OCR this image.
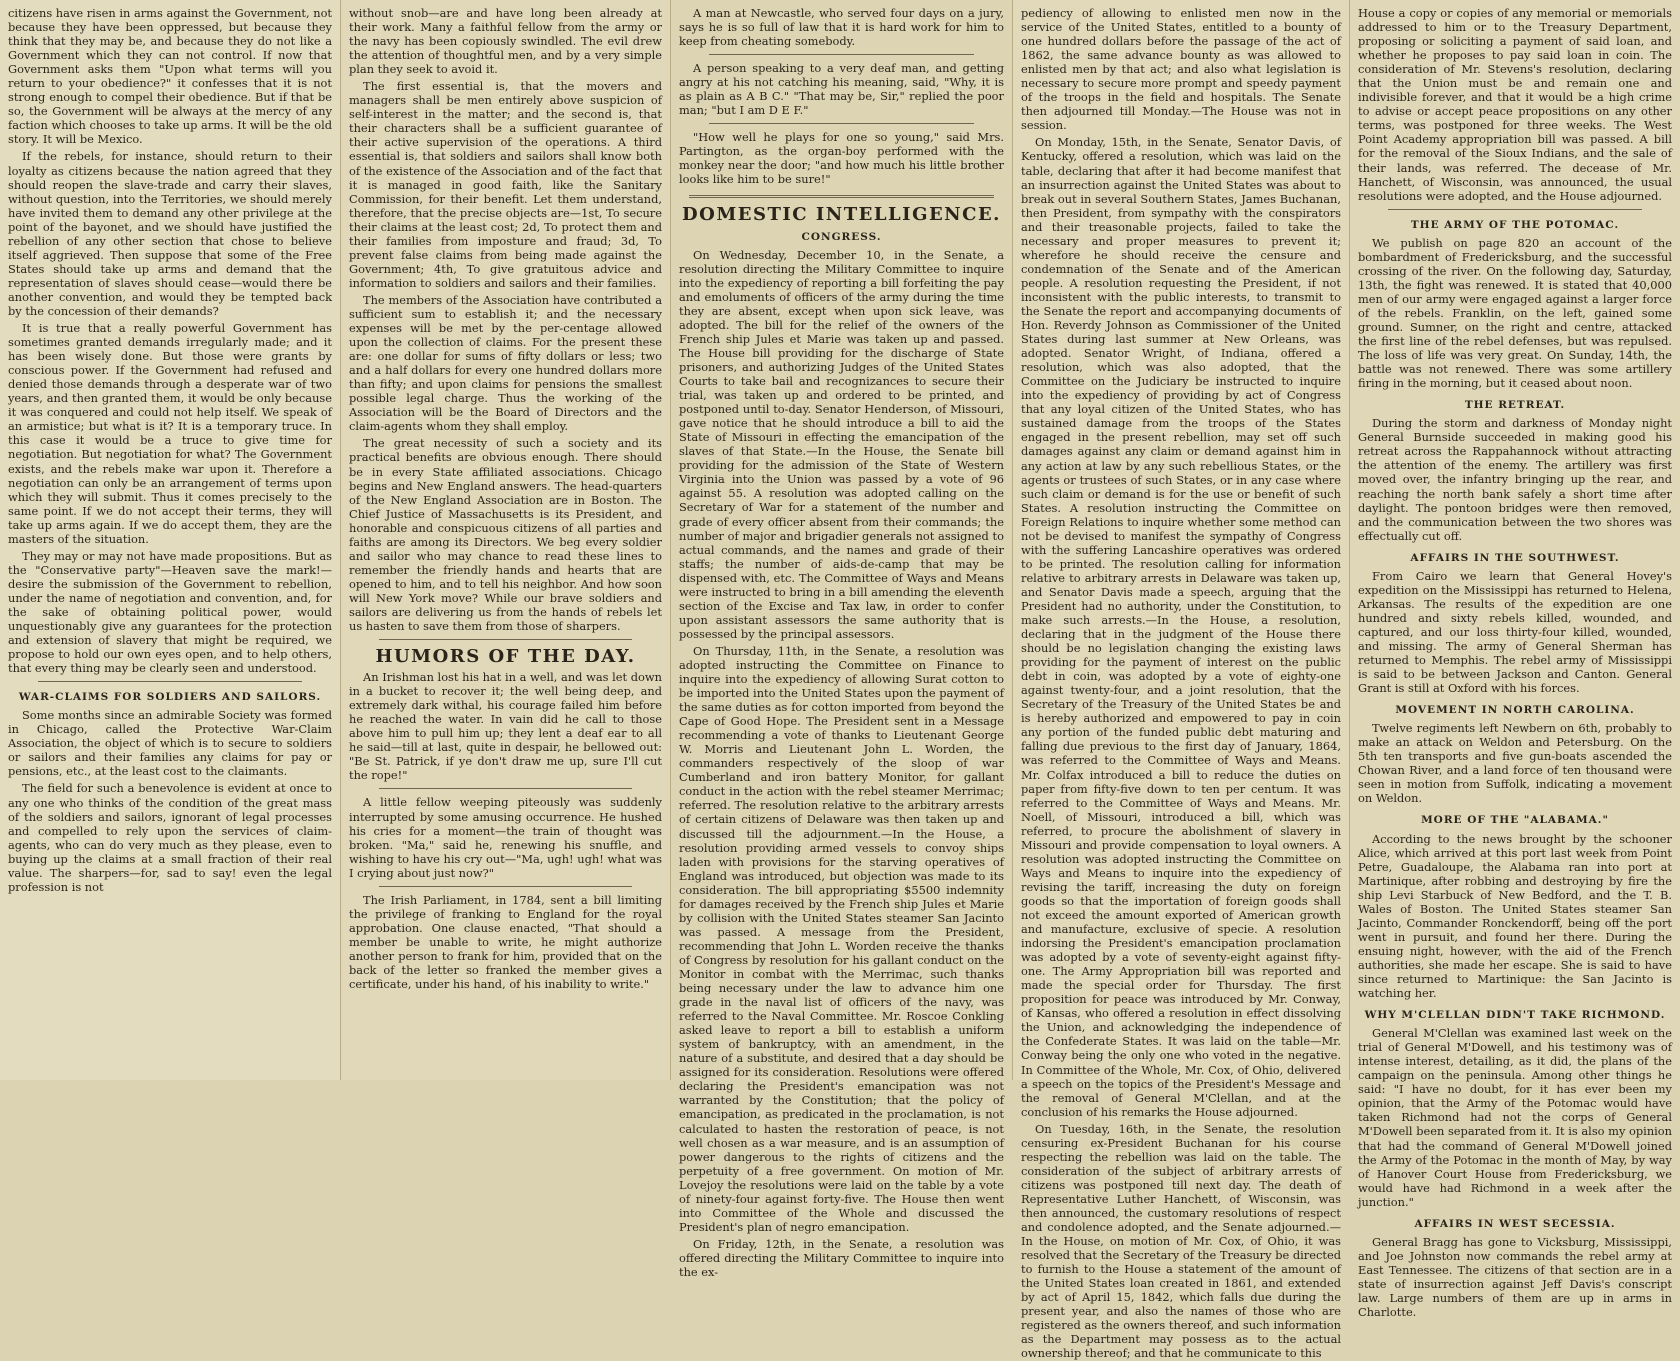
citizens have risen in arms against the Government, not because they have been oppressed, but because they think that they may be, and because they do not like a Government which they can not control. If now that Government asks them "Upon what terms will you return to your obedience?" it confesses that it is not strong enough to compel their obedience. But if that be so, the Government will be always at the mercy of any faction which chooses to take up arms. It will be the old story. It will be Mexico.

If the rebels, for instance, should return to their loyalty as citizens because the nation agreed that they should reopen the slave-trade and carry their slaves, without question, into the Territories, we should merely have invited them to demand any other privilege at the point of the bayonet, and we should have justified the rebellion of any other section that chose to believe itself aggrieved. Then suppose that some of the Free States should take up arms and demand that the representation of slaves should cease—would there be another convention, and would they be tempted back by the concession of their demands?

It is true that a really powerful Government has sometimes granted demands irregularly made; and it has been wisely done. But those were grants by conscious power. If the Government had refused and denied those demands through a desperate war of two years, and then granted them, it would be only because it was conquered and could not help itself. We speak of an armistice; but what is it? It is a temporary truce. In this case it would be a truce to give time for negotiation. But negotiation for what? The Government exists, and the rebels make war upon it. Therefore a negotiation can only be an arrangement of terms upon which they will submit. Thus it comes precisely to the same point. If we do not accept their terms, they will take up arms again. If we do accept them, they are the masters of the situation.

They may or may not have made propositions. But as the "Conservative party"—Heaven save the mark!—desire the submission of the Government to rebellion, under the name of negotiation and convention, and, for the sake of obtaining political power, would unquestionably give any guarantees for the protection and extension of slavery that might be required, we propose to hold our own eyes open, and to help others, that every thing may be clearly seen and understood.

WAR-CLAIMS FOR SOLDIERS AND SAILORS.

Some months since an admirable Society was formed in Chicago, called the Protective War-Claim Association, the object of which is to secure to soldiers or sailors and their families any claims for pay or pensions, etc., at the least cost to the claimants.

The field for such a benevolence is evident at once to any one who thinks of the condition of the great mass of the soldiers and sailors, ignorant of legal processes and compelled to rely upon the services of claim-agents, who can do very much as they please, even to buying up the claims at a small fraction of their real value. The sharpers—for, sad to say! even the legal profession is not

without snob—are and have long been already at their work. Many a faithful fellow from the army or the navy has been copiously swindled. The evil drew the attention of thoughtful men, and by a very simple plan they seek to avoid it.

The first essential is, that the movers and managers shall be men entirely above suspicion of self-interest in the matter; and the second is, that their characters shall be a sufficient guarantee of their active supervision of the operations. A third essential is, that soldiers and sailors shall know both of the existence of the Association and of the fact that it is managed in good faith, like the Sanitary Commission, for their benefit. Let them understand, therefore, that the precise objects are—1st, To secure their claims at the least cost; 2d, To protect them and their families from imposture and fraud; 3d, To prevent false claims from being made against the Government; 4th, To give gratuitous advice and information to soldiers and sailors and their families.

The members of the Association have contributed a sufficient sum to establish it; and the necessary expenses will be met by the per-centage allowed upon the collection of claims. For the present these are: one dollar for sums of fifty dollars or less; two and a half dollars for every one hundred dollars more than fifty; and upon claims for pensions the smallest possible legal charge. Thus the working of the Association will be the Board of Directors and the claim-agents whom they shall employ.

The great necessity of such a society and its practical benefits are obvious enough. There should be in every State affiliated associations. Chicago begins and New England answers. The head-quarters of the New England Association are in Boston. The Chief Justice of Massachusetts is its President, and honorable and conspicuous citizens of all parties and faiths are among its Directors. We beg every soldier and sailor who may chance to read these lines to remember the friendly hands and hearts that are opened to him, and to tell his neighbor. And how soon will New York move? While our brave soldiers and sailors are delivering us from the hands of rebels let us hasten to save them from those of sharpers.

HUMORS OF THE DAY.

An Irishman lost his hat in a well, and was let down in a bucket to recover it; the well being deep, and extremely dark withal, his courage failed him before he reached the water. In vain did he call to those above him to pull him up; they lent a deaf ear to all he said—till at last, quite in despair, he bellowed out: "Be St. Patrick, if ye don't draw me up, sure I'll cut the rope!"

A little fellow weeping piteously was suddenly interrupted by some amusing occurrence. He hushed his cries for a moment—the train of thought was broken. "Ma," said he, renewing his snuffle, and wishing to have his cry out—"Ma, ugh! ugh! what was I crying about just now?"

The Irish Parliament, in 1784, sent a bill limiting the privilege of franking to England for the royal approbation. One clause enacted, "That should a member be unable to write, he might authorize another person to frank for him, provided that on the back of the letter so franked the member gives a certificate, under his hand, of his inability to write."

A man at Newcastle, who served four days on a jury, says he is so full of law that it is hard work for him to keep from cheating somebody.

A person speaking to a very deaf man, and getting angry at his not catching his meaning, said, "Why, it is as plain as A B C." "That may be, Sir," replied the poor man; "but I am D E F."

"How well he plays for one so young," said Mrs. Partington, as the organ-boy performed with the monkey near the door; "and how much his little brother looks like him to be sure!"

DOMESTIC INTELLIGENCE.
CONGRESS.

On Wednesday, December 10, in the Senate, a resolution directing the Military Committee to inquire into the expediency of reporting a bill forfeiting the pay and emoluments of officers of the army during the time they are absent, except when upon sick leave, was adopted. The bill for the relief of the owners of the French ship Jules et Marie was taken up and passed. The House bill providing for the discharge of State prisoners, and authorizing Judges of the United States Courts to take bail and recognizances to secure their trial, was taken up and ordered to be printed, and postponed until to-day. Senator Henderson, of Missouri, gave notice that he should introduce a bill to aid the State of Missouri in effecting the emancipation of the slaves of that State.—In the House, the Senate bill providing for the admission of the State of Western Virginia into the Union was passed by a vote of 96 against 55. A resolution was adopted calling on the Secretary of War for a statement of the number and grade of every officer absent from their commands; the number of major and brigadier generals not assigned to actual commands, and the names and grade of their staffs; the number of aids-de-camp that may be dispensed with, etc. The Committee of Ways and Means were instructed to bring in a bill amending the eleventh section of the Excise and Tax law, in order to confer upon assistant assessors the same authority that is possessed by the principal assessors.

On Thursday, 11th, in the Senate, a resolution was adopted instructing the Committee on Finance to inquire into the expediency of allowing Surat cotton to be imported into the United States upon the payment of the same duties as for cotton imported from beyond the Cape of Good Hope. The President sent in a Message recommending a vote of thanks to Lieutenant George W. Morris and Lieutenant John L. Worden, the commanders respectively of the sloop of war Cumberland and iron battery Monitor, for gallant conduct in the action with the rebel steamer Merrimac; referred. The resolution relative to the arbitrary arrests of certain citizens of Delaware was then taken up and discussed till the adjournment.—In the House, a resolution providing armed vessels to convoy ships laden with provisions for the starving operatives of England was introduced, but objection was made to its consideration. The bill appropriating $5500 indemnity for damages received by the French ship Jules et Marie by collision with the United States steamer San Jacinto was passed. A message from the President, recommending that John L. Worden receive the thanks of Congress by resolution for his gallant conduct on the Monitor in combat with the Merrimac, such thanks being necessary under the law to advance him one grade in the naval list of officers of the navy, was referred to the Naval Committee. Mr. Roscoe Conkling asked leave to report a bill to establish a uniform system of bankruptcy, with an amendment, in the nature of a substitute, and desired that a day should be assigned for its consideration. Resolutions were offered declaring the President's emancipation was not warranted by the Constitution; that the policy of emancipation, as predicated in the proclamation, is not calculated to hasten the restoration of peace, is not well chosen as a war measure, and is an assumption of power dangerous to the rights of citizens and the perpetuity of a free government. On motion of Mr. Lovejoy the resolutions were laid on the table by a vote of ninety-four against forty-five. The House then went into Committee of the Whole and discussed the President's plan of negro emancipation.

On Friday, 12th, in the Senate, a resolution was offered directing the Military Committee to inquire into the ex-

pediency of allowing to enlisted men now in the service of the United States, entitled to a bounty of one hundred dollars before the passage of the act of 1862, the same advance bounty as was allowed to enlisted men by that act; and also what legislation is necessary to secure more prompt and speedy payment of the troops in the field and hospitals. The Senate then adjourned till Monday.—The House was not in session.

On Monday, 15th, in the Senate, Senator Davis, of Kentucky, offered a resolution, which was laid on the table, declaring that after it had become manifest that an insurrection against the United States was about to break out in several Southern States, James Buchanan, then President, from sympathy with the conspirators and their treasonable projects, failed to take the necessary and proper measures to prevent it; wherefore he should receive the censure and condemnation of the Senate and of the American people. A resolution requesting the President, if not inconsistent with the public interests, to transmit to the Senate the report and accompanying documents of Hon. Reverdy Johnson as Commissioner of the United States during last summer at New Orleans, was adopted. Senator Wright, of Indiana, offered a resolution, which was also adopted, that the Committee on the Judiciary be instructed to inquire into the expediency of providing by act of Congress that any loyal citizen of the United States, who has sustained damage from the troops of the States engaged in the present rebellion, may set off such damages against any claim or demand against him in any action at law by any such rebellious States, or the agents or trustees of such States, or in any case where such claim or demand is for the use or benefit of such States. A resolution instructing the Committee on Foreign Relations to inquire whether some method can not be devised to manifest the sympathy of Congress with the suffering Lancashire operatives was ordered to be printed. The resolution calling for information relative to arbitrary arrests in Delaware was taken up, and Senator Davis made a speech, arguing that the President had no authority, under the Constitution, to make such arrests.—In the House, a resolution, declaring that in the judgment of the House there should be no legislation changing the existing laws providing for the payment of interest on the public debt in coin, was adopted by a vote of eighty-one against twenty-four, and a joint resolution, that the Secretary of the Treasury of the United States be and is hereby authorized and empowered to pay in coin any portion of the funded public debt maturing and falling due previous to the first day of January, 1864, was referred to the Committee of Ways and Means. Mr. Colfax introduced a bill to reduce the duties on paper from fifty-five down to ten per centum. It was referred to the Committee of Ways and Means. Mr. Noell, of Missouri, introduced a bill, which was referred, to procure the abolishment of slavery in Missouri and provide compensation to loyal owners. A resolution was adopted instructing the Committee on Ways and Means to inquire into the expediency of revising the tariff, increasing the duty on foreign goods so that the importation of foreign goods shall not exceed the amount exported of American growth and manufacture, exclusive of specie. A resolution indorsing the President's emancipation proclamation was adopted by a vote of seventy-eight against fifty-one. The Army Appropriation bill was reported and made the special order for Thursday. The first proposition for peace was introduced by Mr. Conway, of Kansas, who offered a resolution in effect dissolving the Union, and acknowledging the independence of the Confederate States. It was laid on the table—Mr. Conway being the only one who voted in the negative. In Committee of the Whole, Mr. Cox, of Ohio, delivered a speech on the topics of the President's Message and the removal of General M'Clellan, and at the conclusion of his remarks the House adjourned.

On Tuesday, 16th, in the Senate, the resolution censuring ex-President Buchanan for his course respecting the rebellion was laid on the table. The consideration of the subject of arbitrary arrests of citizens was postponed till next day. The death of Representative Luther Hanchett, of Wisconsin, was then announced, the customary resolutions of respect and condolence adopted, and the Senate adjourned.—In the House, on motion of Mr. Cox, of Ohio, it was resolved that the Secretary of the Treasury be directed to furnish to the House a statement of the amount of the United States loan created in 1861, and extended by act of April 15, 1842, which falls due during the present year, and also the names of those who are registered as the owners thereof, and such information as the Department may possess as to the actual ownership thereof; and that he communicate to this

House a copy or copies of any memorial or memorials addressed to him or to the Treasury Department, proposing or soliciting a payment of said loan, and whether he proposes to pay said loan in coin. The consideration of Mr. Stevens's resolution, declaring that the Union must be and remain one and indivisible forever, and that it would be a high crime to advise or accept peace propositions on any other terms, was postponed for three weeks. The West Point Academy appropriation bill was passed. A bill for the removal of the Sioux Indians, and the sale of their lands, was referred. The decease of Mr. Hanchett, of Wisconsin, was announced, the usual resolutions were adopted, and the House adjourned.

THE ARMY OF THE POTOMAC.

We publish on page 820 an account of the bombardment of Fredericksburg, and the successful crossing of the river. On the following day, Saturday, 13th, the fight was renewed. It is stated that 40,000 men of our army were engaged against a larger force of the rebels. Franklin, on the left, gained some ground. Sumner, on the right and centre, attacked the first line of the rebel defenses, but was repulsed. The loss of life was very great. On Sunday, 14th, the battle was not renewed. There was some artillery firing in the morning, but it ceased about noon.

THE RETREAT.

During the storm and darkness of Monday night General Burnside succeeded in making good his retreat across the Rappahannock without attracting the attention of the enemy. The artillery was first moved over, the infantry bringing up the rear, and reaching the north bank safely a short time after daylight. The pontoon bridges were then removed, and the communication between the two shores was effectually cut off.

AFFAIRS IN THE SOUTHWEST.

From Cairo we learn that General Hovey's expedition on the Mississippi has returned to Helena, Arkansas. The results of the expedition are one hundred and sixty rebels killed, wounded, and captured, and our loss thirty-four killed, wounded, and missing. The army of General Sherman has returned to Memphis. The rebel army of Mississippi is said to be between Jackson and Canton. General Grant is still at Oxford with his forces.

MOVEMENT IN NORTH CAROLINA.

Twelve regiments left Newbern on 6th, probably to make an attack on Weldon and Petersburg. On the 5th ten transports and five gun-boats ascended the Chowan River, and a land force of ten thousand were seen in motion from Suffolk, indicating a movement on Weldon.

MORE OF THE "ALABAMA."

According to the news brought by the schooner Alice, which arrived at this port last week from Point Petre, Guadaloupe, the Alabama ran into port at Martinique, after robbing and destroying by fire the ship Levi Starbuck of New Bedford, and the T. B. Wales of Boston. The United States steamer San Jacinto, Commander Ronckendorff, being off the port went in pursuit, and found her there. During the ensuing night, however, with the aid of the French authorities, she made her escape. She is said to have since returned to Martinique: the San Jacinto is watching her.

WHY M'CLELLAN DIDN'T TAKE RICHMOND.

General M'Clellan was examined last week on the trial of General M'Dowell, and his testimony was of intense interest, detailing, as it did, the plans of the campaign on the peninsula. Among other things he said: "I have no doubt, for it has ever been my opinion, that the Army of the Potomac would have taken Richmond had not the corps of General M'Dowell been separated from it. It is also my opinion that had the command of General M'Dowell joined the Army of the Potomac in the month of May, by way of Hanover Court House from Fredericksburg, we would have had Richmond in a week after the junction."

AFFAIRS IN WEST SECESSIA.

General Bragg has gone to Vicksburg, Mississippi, and Joe Johnston now commands the rebel army at East Tennessee. The citizens of that section are in a state of insurrection against Jeff Davis's conscript law. Large numbers of them are up in arms in Charlotte.
